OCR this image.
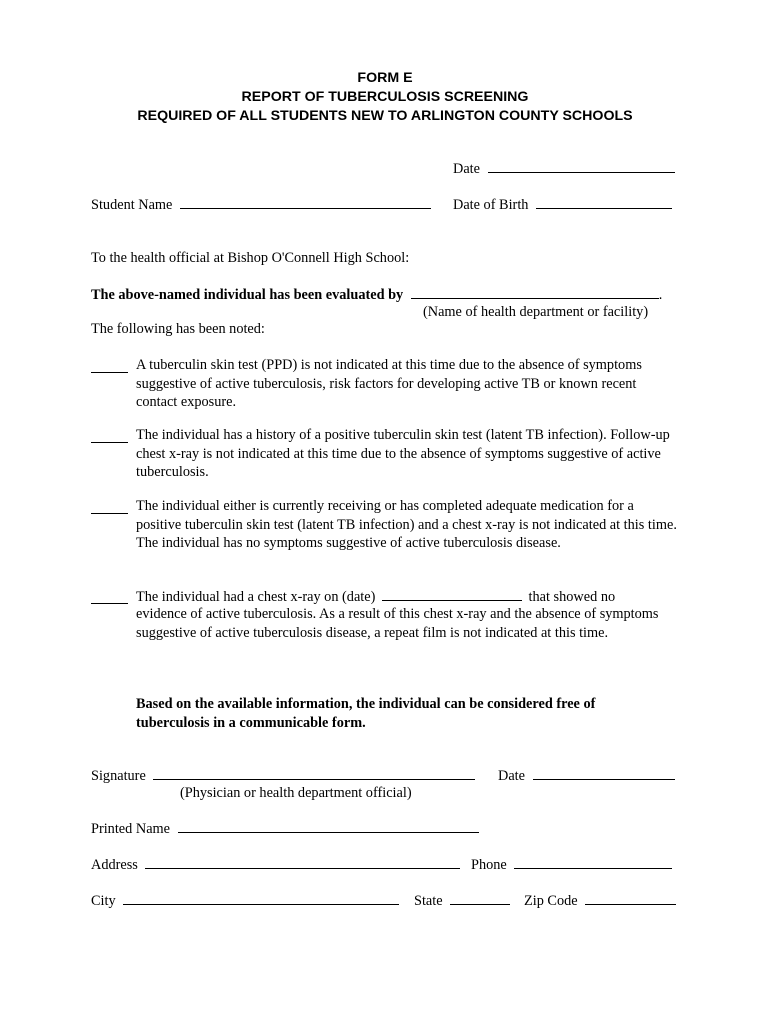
FORM E
REPORT OF TUBERCULOSIS SCREENING
REQUIRED OF ALL STUDENTS NEW TO ARLINGTON COUNTY SCHOOLS
Date
Student Name	Date of Birth
To the health official at Bishop O'Connell High School:
The above-named individual has been evaluated by	.
(Name of health department or facility)
The following has been noted:
A tuberculin skin test (PPD) is not indicated at this time due to the absence of symptoms suggestive of active tuberculosis, risk factors for developing active TB or known recent contact exposure.
The individual has a history of a positive tuberculin skin test (latent TB infection). Follow-up chest x-ray is not indicated at this time due to the absence of symptoms suggestive of active tuberculosis.
The individual either is currently receiving or has completed adequate medication for a positive tuberculin skin test (latent TB infection) and a chest x-ray is not indicated at this time. The individual has no symptoms suggestive of active tuberculosis disease.
The individual had a chest x-ray on (date)	that showed no
evidence of active tuberculosis. As a result of this chest x-ray and the absence of symptoms suggestive of active tuberculosis disease, a repeat film is not indicated at this time.
Based on the available information, the individual can be considered free of tuberculosis in a communicable form.
Signature	Date
(Physician or health department official)
Printed Name
Address	Phone
City	State	Zip Code
